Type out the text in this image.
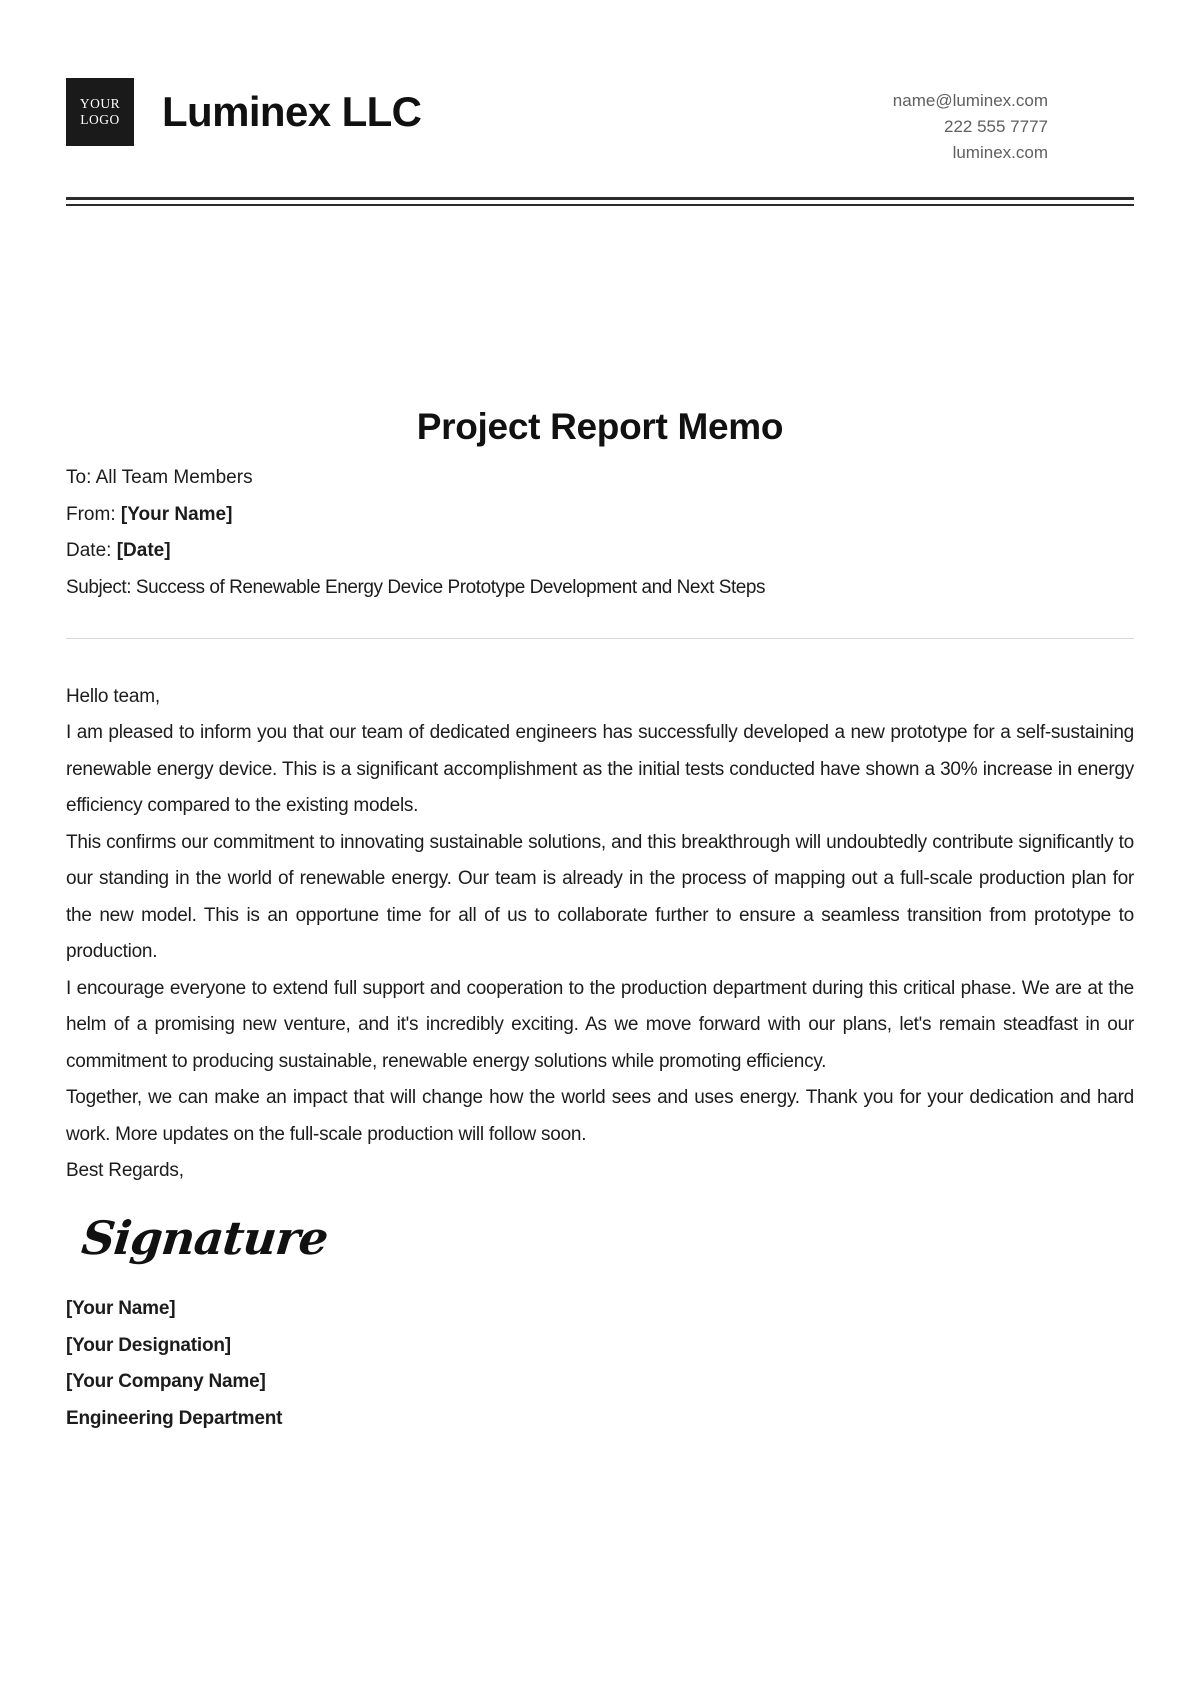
YOUR
LOGO Luminex LLC	name@luminex.com
222 555 7777
luminex.com
Project Report Memo
To: All Team Members
From: [Your Name]
Date: [Date]
Subject: Success of Renewable Energy Device Prototype Development and Next Steps
Hello team,

I am pleased to inform you that our team of dedicated engineers has successfully developed a new prototype for a self-sustaining renewable energy device. This is a significant accomplishment as the initial tests conducted have shown a 30% increase in energy efficiency compared to the existing models.

This confirms our commitment to innovating sustainable solutions, and this breakthrough will undoubtedly contribute significantly to our standing in the world of renewable energy. Our team is already in the process of mapping out a full-scale production plan for the new model. This is an opportune time for all of us to collaborate further to ensure a seamless transition from prototype to production.

I encourage everyone to extend full support and cooperation to the production department during this critical phase. We are at the helm of a promising new venture, and it's incredibly exciting. As we move forward with our plans, let's remain steadfast in our commitment to producing sustainable, renewable energy solutions while promoting efficiency.

Together, we can make an impact that will change how the world sees and uses energy. Thank you for your dedication and hard work. More updates on the full-scale production will follow soon.

Best Regards,
Signature
[Your Name]
[Your Designation]
[Your Company Name]
Engineering Department
